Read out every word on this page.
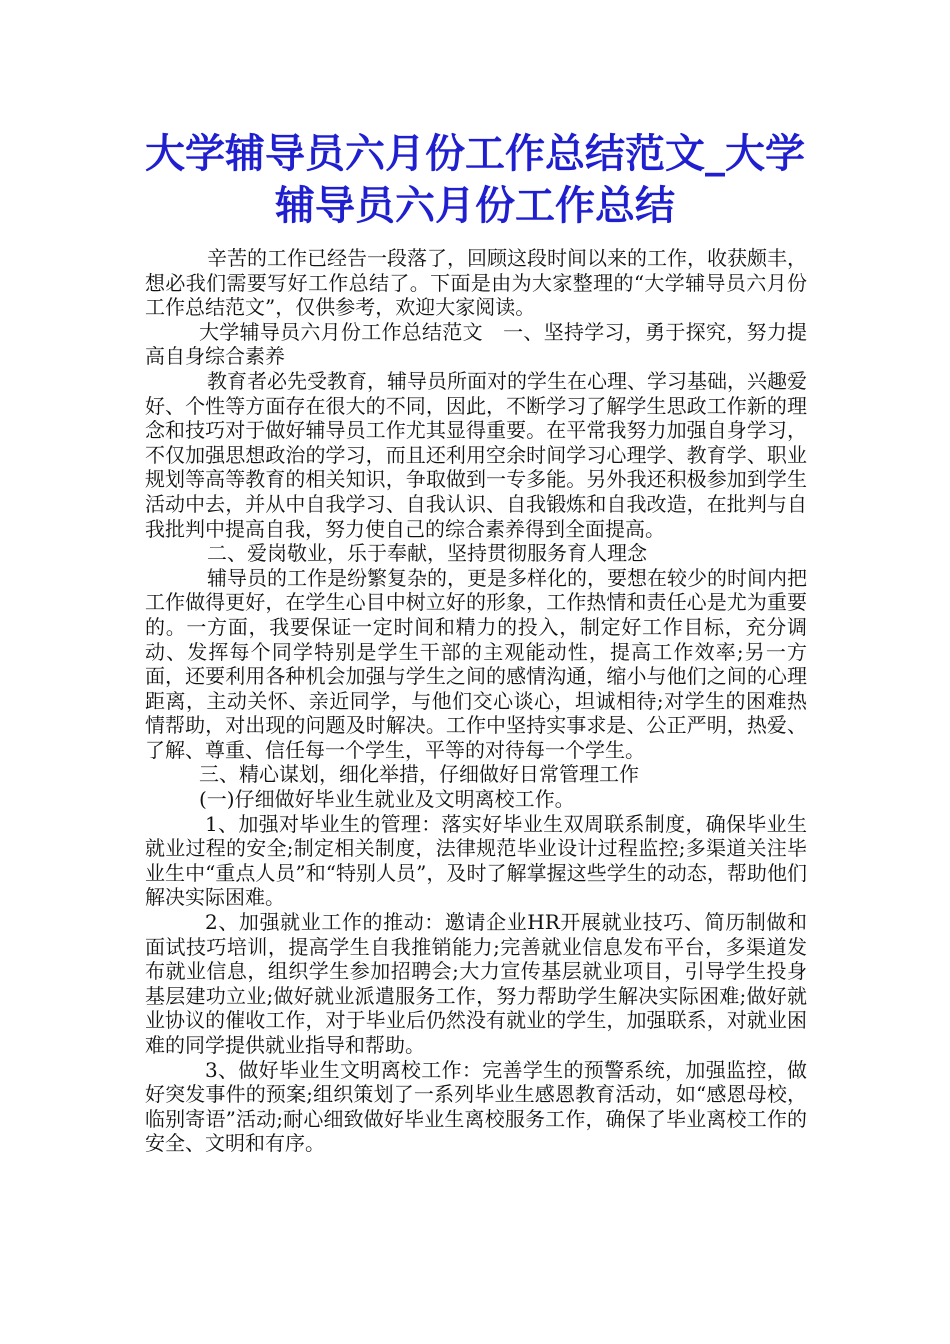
大学辅导员六月份工作总结范文_大学辅导员六月份工作总结

辛苦的工作已经告一段落了，回顾这段时间以来的工作，收获颇丰，想必我们需要写好工作总结了。下面是由为大家整理的“大学辅导员六月份工作总结范文”，仅供参考，欢迎大家阅读。

大学辅导员六月份工作总结范文　一、坚持学习，勇于探究，努力提高自身综合素养

教育者必先受教育，辅导员所面对的学生在心理、学习基础，兴趣爱好、个性等方面存在很大的不同，因此，不断学习了解学生思政工作新的理念和技巧对于做好辅导员工作尤其显得重要。在平常我努力加强自身学习，不仅加强思想政治的学习，而且还利用空余时间学习心理学、教育学、职业规划等高等教育的相关知识，争取做到一专多能。另外我还积极参加到学生活动中去，并从中自我学习、自我认识、自我锻炼和自我改造，在批判与自我批判中提高自我，努力使自己的综合素养得到全面提高。

二、爱岗敬业，乐于奉献，坚持贯彻服务育人理念

辅导员的工作是纷繁复杂的，更是多样化的，要想在较少的时间内把工作做得更好，在学生心目中树立好的形象，工作热情和责任心是尤为重要的。一方面，我要保证一定时间和精力的投入，制定好工作目标，充分调动、发挥每个同学特别是学生干部的主观能动性，提高工作效率;另一方面，还要利用各种机会加强与学生之间的感情沟通，缩小与他们之间的心理距离，主动关怀、亲近同学，与他们交心谈心，坦诚相待;对学生的困难热情帮助，对出现的问题及时解决。工作中坚持实事求是、公正严明，热爱、了解、尊重、信任每一个学生，平等的对待每一个学生。

三、精心谋划，细化举措，仔细做好日常管理工作

(一)仔细做好毕业生就业及文明离校工作。

1、加强对毕业生的管理：落实好毕业生双周联系制度，确保毕业生就业过程的安全;制定相关制度，法律规范毕业设计过程监控;多渠道关注毕业生中“重点人员”和“特别人员”，及时了解掌握这些学生的动态，帮助他们解决实际困难。

2、加强就业工作的推动：邀请企业HR开展就业技巧、简历制做和面试技巧培训，提高学生自我推销能力;完善就业信息发布平台，多渠道发布就业信息，组织学生参加招聘会;大力宣传基层就业项目，引导学生投身基层建功立业;做好就业派遣服务工作，努力帮助学生解决实际困难;做好就业协议的催收工作，对于毕业后仍然没有就业的学生，加强联系，对就业困难的同学提供就业指导和帮助。

3、做好毕业生文明离校工作：完善学生的预警系统，加强监控，做好突发事件的预案;组织策划了一系列毕业生感恩教育活动，如“感恩母校，临别寄语”活动;耐心细致做好毕业生离校服务工作，确保了毕业离校工作的安全、文明和有序。
